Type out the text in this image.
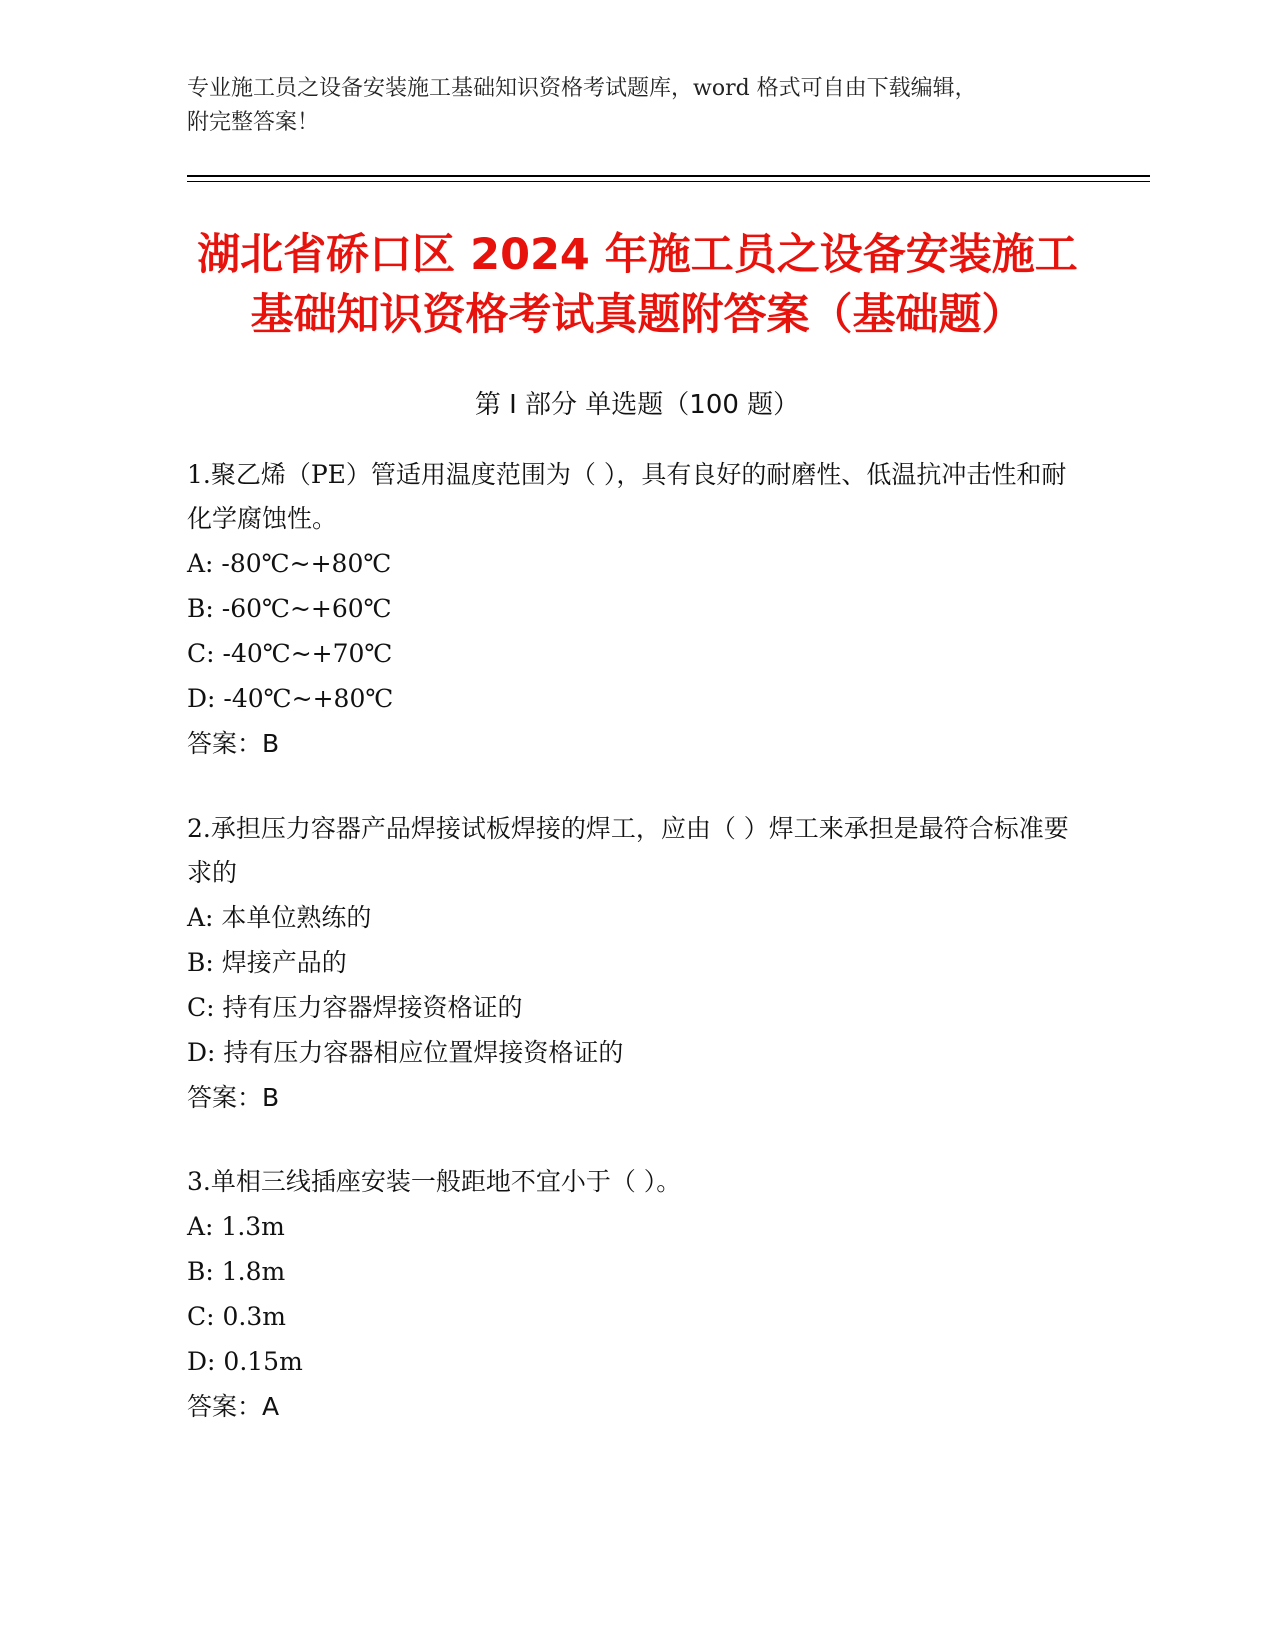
专业施工员之设备安装施工基础知识资格考试题库，word 格式可自由下载编辑，
附完整答案！
湖北省硚口区 2024 年施工员之设备安装施工
基础知识资格考试真题附答案（基础题）
第 I 部分 单选题（100 题）

1.聚乙烯（PE）管适用温度范围为（ ），具有良好的耐磨性、低温抗冲击性和耐化学腐蚀性。

A: -80℃~+80℃

B: -60℃~+60℃

C: -40℃~+70℃

D: -40℃~+80℃

答案：B

2.承担压力容器产品焊接试板焊接的焊工，应由（ ）焊工来承担是最符合标准要求的

A: 本单位熟练的

B: 焊接产品的

C: 持有压力容器焊接资格证的

D: 持有压力容器相应位置焊接资格证的

答案：B

3.单相三线插座安装一般距地不宜小于（ ）。

A: 1.3m

B: 1.8m

C: 0.3m

D: 0.15m

答案：A
